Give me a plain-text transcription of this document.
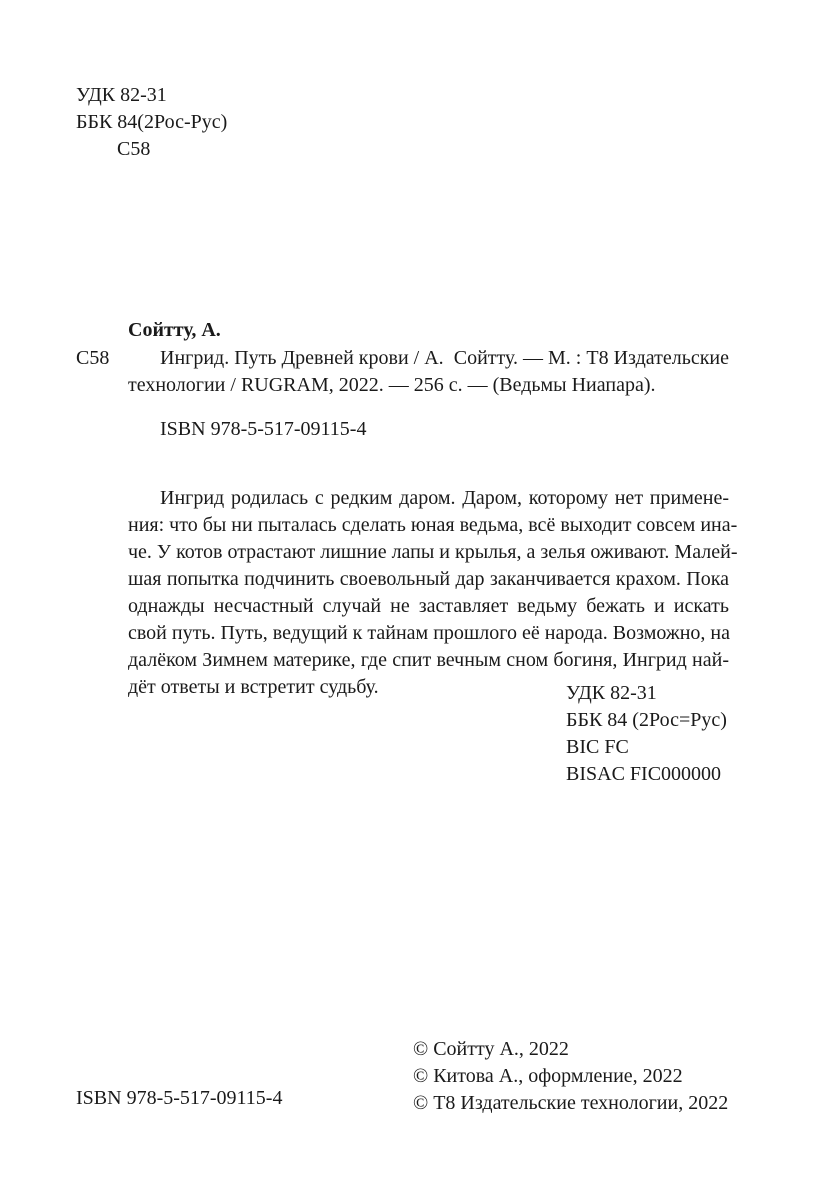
УДК 82-31
ББК 84(2Рос-Рус)
С58
Сойтту, А.
С58	Ингрид. Путь Древней крови / А. Сойтту. — М. : Т8 Издательские
технологии / RUGRAM, 2022. — 256 с. — (Ведьмы Ниапара).
ISBN 978-5-517-09115-4
Ингрид родилась с редким даром. Даром, которому нет примене-
ния: что бы ни пыталась сделать юная ведьма, всё выходит совсем ина-
че. У котов отрастают лишние лапы и крылья, а зелья оживают. Малей-
шая попытка подчинить своевольный дар заканчивается крахом. Пока
однажды несчастный случай не заставляет ведьму бежать и искать
свой путь. Путь, ведущий к тайнам прошлого её народа. Возможно, на
далёком Зимнем материке, где спит вечным сном богиня, Ингрид най-
дёт ответы и встретит судьбу.	УДК 82-31
ББК 84 (2Рос=Рус)
BIC FC
BISAC FIC000000
© Сойтту А., 2022
© Китова А., оформление, 2022
© Т8 Издательские технологии, 2022
ISBN 978-5-517-09115-4
